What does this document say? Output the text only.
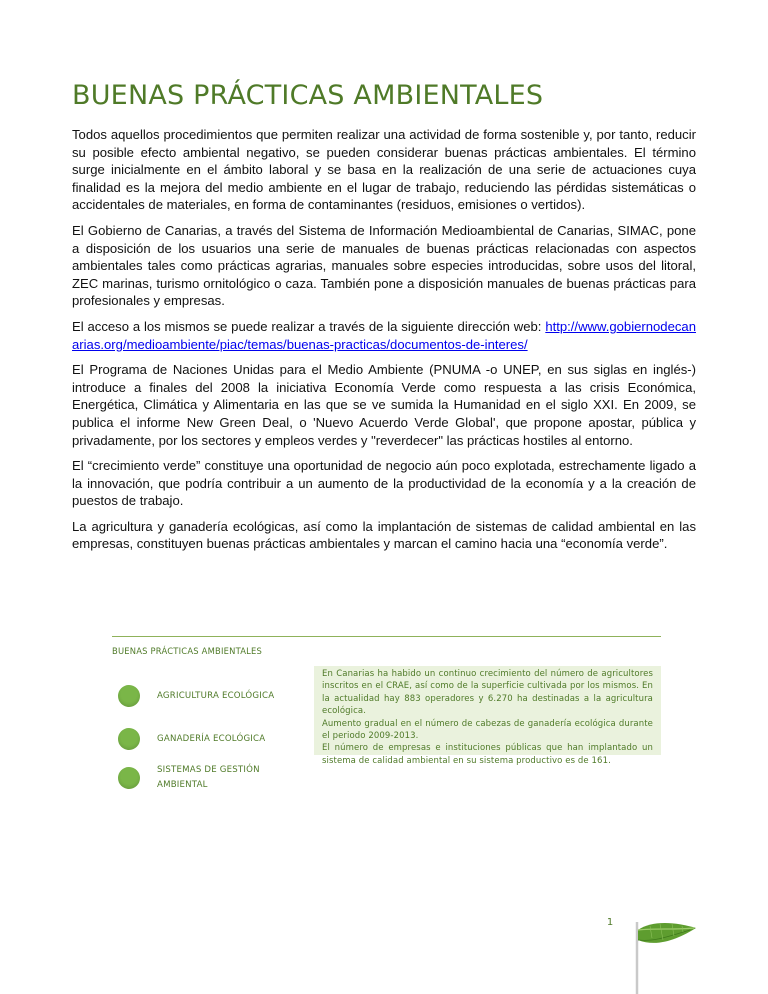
BUENAS PRÁCTICAS AMBIENTALES

Todos aquellos procedimientos que permiten realizar una actividad de forma sostenible y, por tanto, reducir su posible efecto ambiental negativo, se pueden considerar buenas prácticas ambientales. El término surge inicialmente en el ámbito laboral y se basa en la realización de una serie de actuaciones cuya finalidad es la mejora del medio ambiente en el lugar de trabajo, reduciendo las pérdidas sistemáticas o accidentales de materiales, en forma de contaminantes (residuos, emisiones o vertidos).

El Gobierno de Canarias, a través del Sistema de Información Medioambiental de Canarias, SIMAC, pone a disposición de los usuarios una serie de manuales de buenas prácticas relacionadas con aspectos ambientales tales como prácticas agrarias, manuales sobre especies introducidas, sobre usos del litoral, ZEC marinas, turismo ornitológico o caza. También pone a disposición manuales de buenas prácticas para profesionales y empresas.

El acceso a los mismos se puede realizar a través de la siguiente dirección web: http://www.gobiernodecanarias.org/medioambiente/piac/temas/buenas-practicas/documentos-de-interes/

El Programa de Naciones Unidas para el Medio Ambiente (PNUMA -o UNEP, en sus siglas en inglés-) introduce a finales del 2008 la iniciativa Economía Verde como respuesta a las crisis Económica, Energética, Climática y Alimentaria en las que se ve sumida la Humanidad en el siglo XXI. En 2009, se publica el informe New Green Deal, o 'Nuevo Acuerdo Verde Global', que propone apostar, pública y privadamente, por los sectores y empleos verdes y "reverdecer" las prácticas hostiles al entorno.

El “crecimiento verde” constituye una oportunidad de negocio aún poco explotada, estrechamente ligado a la innovación, que podría contribuir a un aumento de la productividad de la economía y a la creación de puestos de trabajo.

La agricultura y ganadería ecológicas, así como la implantación de sistemas de calidad ambiental en las empresas, constituyen buenas prácticas ambientales y marcan el camino hacia una “economía verde”.

BUENAS PRÁCTICAS AMBIENTALES
AGRICULTURA ECOLÓGICA
GANADERÍA ECOLÓGICA
SISTEMAS DE GESTIÓN AMBIENTAL
En Canarias ha habido un continuo crecimiento del número de agricultores inscritos en el CRAE, así como de la superficie cultivada por los mismos. En la actualidad hay 883 operadores y 6.270 ha destinadas a la agricultura ecológica.
Aumento gradual en el número de cabezas de ganadería ecológica durante el periodo 2009-2013.
El número de empresas e instituciones públicas que han implantado un sistema de calidad ambiental en su sistema productivo es de 161.
1
